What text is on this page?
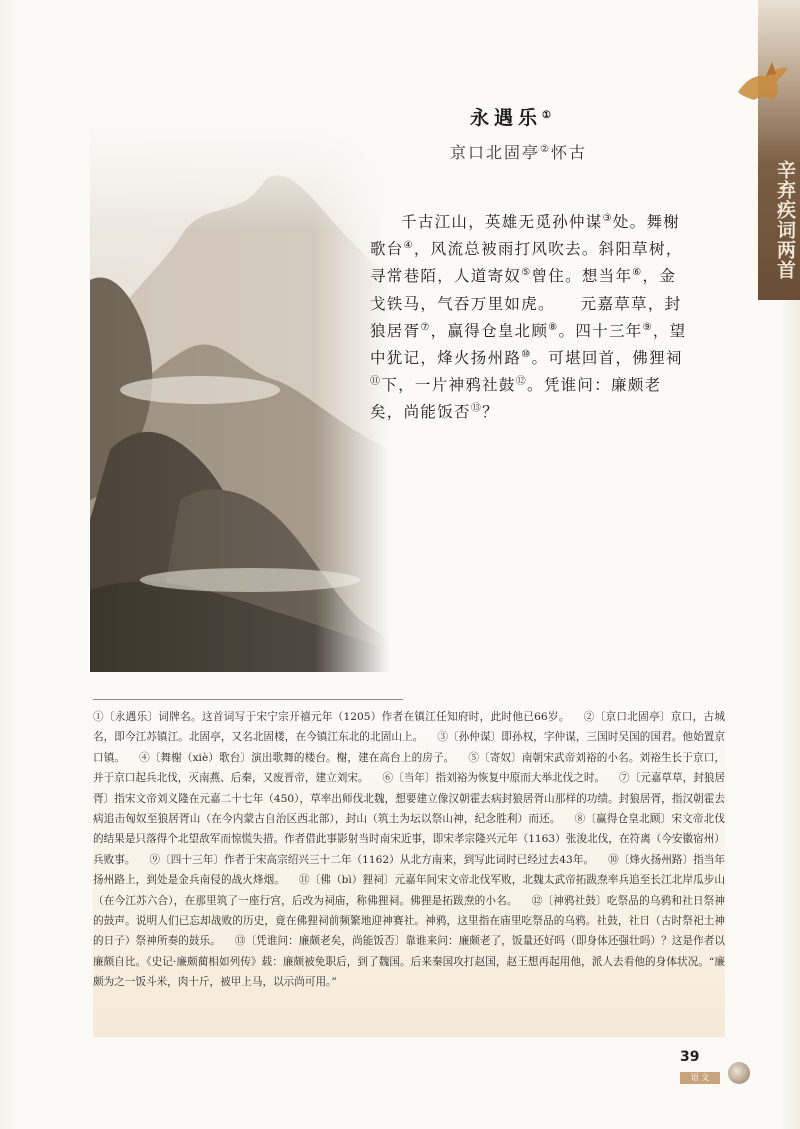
辛弃疾词两首
永遇乐①
京口北固亭②怀古
千古江山，英雄无觅孙仲谋③处。舞榭歌台④，风流总被雨打风吹去。斜阳草树，寻常巷陌，人道寄奴⑤曾住。想当年⑥，金戈铁马，气吞万里如虎。　　元嘉草草，封狼居胥⑦，赢得仓皇北顾⑧。四十三年⑨，望中犹记，烽火扬州路⑩。可堪回首，佛狸祠⑪下，一片神鸦社鼓⑫。凭谁问：廉颇老矣，尚能饭否⑬？
①〔永遇乐〕词牌名。这首词写于宋宁宗开禧元年（1205）作者在镇江任知府时，此时他已66岁。 ②〔京口北固亭〕京口，古城名，即今江苏镇江。北固亭，又名北固楼，在今镇江东北的北固山上。 ③〔孙仲谋〕即孙权，字仲谋，三国时吴国的国君。他始置京口镇。 ④〔舞榭（xiè）歌台〕演出歌舞的楼台。榭，建在高台上的房子。 ⑤〔寄奴〕南朝宋武帝刘裕的小名。刘裕生长于京口，并于京口起兵北伐，灭南燕、后秦，又废晋帝，建立刘宋。 ⑥〔当年〕指刘裕为恢复中原而大举北伐之时。 ⑦〔元嘉草草，封狼居胥〕指宋文帝刘义隆在元嘉二十七年（450），草率出师伐北魏，想要建立像汉朝霍去病封狼居胥山那样的功绩。封狼居胥，指汉朝霍去病追击匈奴至狼居胥山（在今内蒙古自治区西北部），封山（筑土为坛以祭山神，纪念胜利）而还。 ⑧〔赢得仓皇北顾〕宋文帝北伐的结果是只落得个北望敌军而惊慌失措。作者借此事影射当时南宋近事，即宋孝宗隆兴元年（1163）张浚北伐，在符离（今安徽宿州）兵败事。 ⑨〔四十三年〕作者于宋高宗绍兴三十二年（1162）从北方南来，到写此词时已经过去43年。 ⑩〔烽火扬州路〕指当年扬州路上，到处是金兵南侵的战火烽烟。 ⑪〔佛（bì）狸祠〕元嘉年间宋文帝北伐军败，北魏太武帝拓跋焘率兵追至长江北岸瓜步山（在今江苏六合），在那里筑了一座行宫，后改为祠庙，称佛狸祠。佛狸是拓跋焘的小名。 ⑫〔神鸦社鼓〕吃祭品的乌鸦和社日祭神的鼓声。说明人们已忘却战败的历史，竟在佛狸祠前频繁地迎神赛社。神鸦，这里指在庙里吃祭品的乌鸦。社鼓，社日（古时祭祀土神的日子）祭神所奏的鼓乐。 ⑬〔凭谁问：廉颇老矣，尚能饭否〕靠谁来问：廉颇老了，饭量还好吗（即身体还强壮吗）？这是作者以廉颇自比。《史记·廉颇蔺相如列传》载：廉颇被免职后，到了魏国。后来秦国攻打赵国，赵王想再起用他，派人去看他的身体状况。“廉颇为之一饭斗米，肉十斤，被甲上马，以示尚可用。”
39
语 文
